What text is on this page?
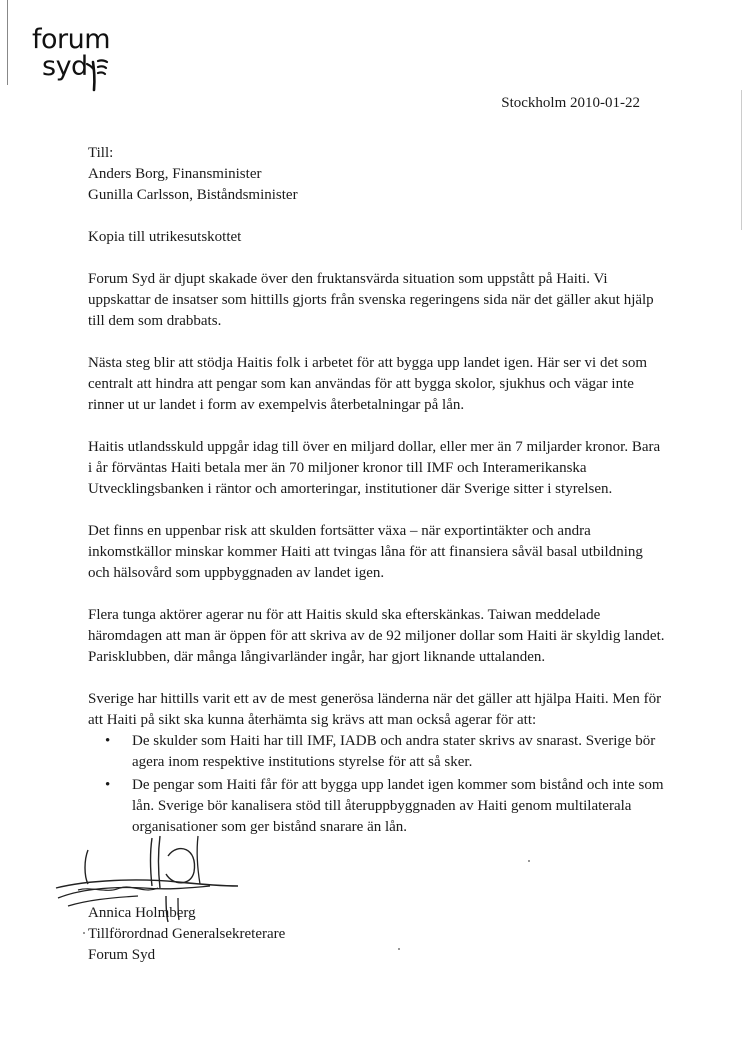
forum
syd
Stockholm 2010-01-22
Till:
Anders Borg, Finansminister
Gunilla Carlsson, Biståndsminister

Kopia till utrikesutskottet

Forum Syd är djupt skakade över den fruktansvärda situation som uppstått på Haiti. Vi uppskattar de insatser som hittills gjorts från svenska regeringens sida när det gäller akut hjälp till dem som drabbats.

Nästa steg blir att stödja Haitis folk i arbetet för att bygga upp landet igen. Här ser vi det som centralt att hindra att pengar som kan användas för att bygga skolor, sjukhus och vägar inte rinner ut ur landet i form av exempelvis återbetalningar på lån.

Haitis utlandsskuld uppgår idag till över en miljard dollar, eller mer än 7 miljarder kronor. Bara i år förväntas Haiti betala mer än 70 miljoner kronor till IMF och Interamerikanska Utvecklingsbanken i räntor och amorteringar, institutioner där Sverige sitter i styrelsen.

Det finns en uppenbar risk att skulden fortsätter växa – när exportintäkter och andra inkomstkällor minskar kommer Haiti att tvingas låna för att finansiera såväl basal utbildning och hälsovård som uppbyggnaden av landet igen.

Flera tunga aktörer agerar nu för att Haitis skuld ska efterskänkas. Taiwan meddelade häromdagen att man är öppen för att skriva av de 92 miljoner dollar som Haiti är skyldig landet. Parisklubben, där många långivarländer ingår, har gjort liknande uttalanden.

Sverige har hittills varit ett av de mest generösa länderna när det gäller att hjälpa Haiti. Men för att Haiti på sikt ska kunna återhämta sig krävs att man också agerar för att:

• De skulder som Haiti har till IMF, IADB och andra stater skrivs av snarast. Sverige bör agera inom respektive institutions styrelse för att så sker.
• De pengar som Haiti får för att bygga upp landet igen kommer som bistånd och inte som lån. Sverige bör kanalisera stöd till återuppbyggnaden av Haiti genom multilaterala organisationer som ger bistånd snarare än lån.
Annica Holmberg
Tillförordnad Generalsekreterare
Forum Syd
